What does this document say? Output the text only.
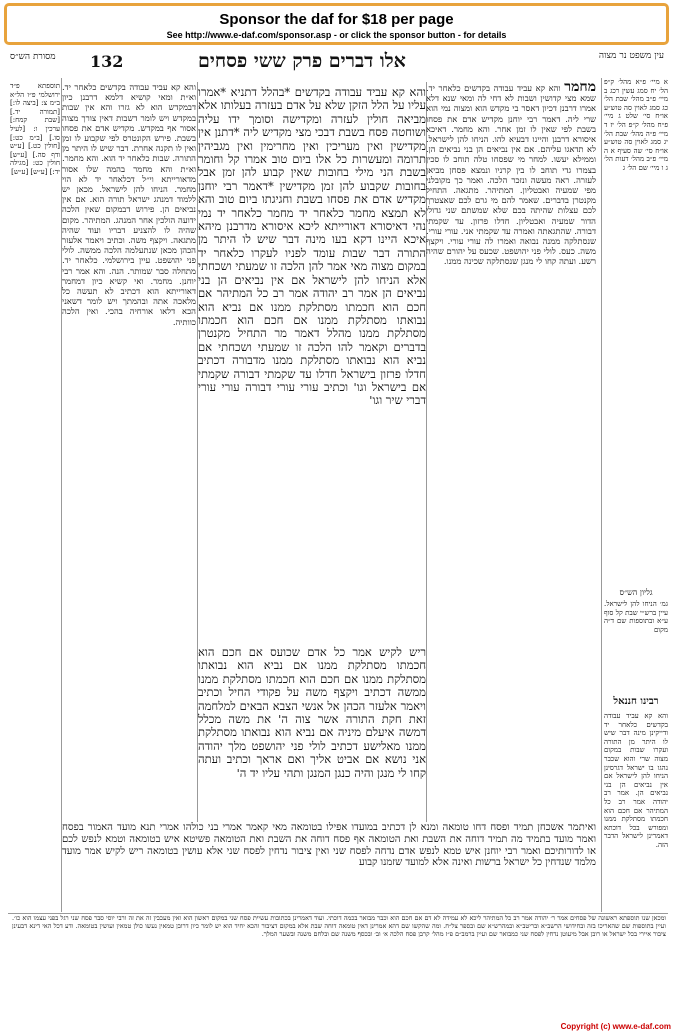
Sponsor the daf for $18 per page
See http://www.e-daf.com/sponsor.asp - or click the sponsor button - for details
מסורת הש״ס 132	אלו דברים פרק ששי פסחים	עין משפט נר מצוה
א מיי׳ פ״א מהל׳ ק״פ הל׳ יח סמג עשין רכג ב מיי׳ פ״ב מהל׳ שבת הל׳ כג סמג לאוין סה טוש״ע או״ח סי׳ שלט ג מיי׳ פ״ח מהל׳ ק״פ הל׳ יז ד מיי׳ פ״ה מהל׳ שבת הל׳ יג סמג לאוין סה טוש״ע או״ח סי׳ שה סעיף א ה מיי׳ פ״ב מהל׳ דעות הל׳ ג ו מיי׳ שם הל׳ ג
מחמר והא קא עביד עבודה בקדשים כלאחר יד. שמא מצי קדושין ושבות לא דחי לה ומאי שנא דלא אמרו דרבנן דכיון דאסר בי מקדש הוא ומצוה נמי הוא שרי ליה. דאמר רבי יוחנן מקדיש אדם את פסחו בשבת לפי שאין לו זמן אחר. והא מחמר. דאיכא איסורא דרבנן והיינו דבעיא להו. הניחו להן לישראל. לא תדאגו עליהם. אם אין נביאים הן בני נביאים הן. וממילא יעשו. למחר מי שפסחו טלה תוחב לו סכין בצמרו גדי תוחב לו בין קרניו ונמצא פסחן מביאן לעזרה. ראה מעשה ונזכר הלכה. ואמר כך מקובלני מפי שמעיה ואבטליון. המתיהר. מתגאה. התחיל מקנטרן בדברים. שאמר להם מי גרם לכם שאצטרך לכם עצלות שהיתה בכם שלא שמשתם שני גדולי הדור שמעיה ואבטליון. חדלו פרזון. עד שקמתי דבורה. שהתגאתה ואמרה עד שקמתי אני. עורי עורי. שנסתלקה ממנה נבואה ואמרו לה עורי עורי. ויקצף משה. כעס. לולי פני יהושפט. שכעס על יהורם שהיה רשע. ועתה קחו לי מנגן שנסתלקה שכינה ממנו.
והא קא עביד עבודה בקדשים *בהלל דתניא *אמרו עליו על הלל הזקן שלא על אדם בעזרה בעלותו אלא מביאה חולין לעזרה ומקדישה וסומך ידו עליה ושוחטה פסח בשבת דבכי מצי מקדיש ליה *דתנן אין מקדישין ואין מעריכין ואין מחרימין ואין מגביהין תרומה ומעשרות כל אלו ביום טוב אמרו קל וחומר בשבת הני מילי בחובות שאין קבוע להן זמן אבל בחובות שקבוע להן זמן מקדישין *דאמר רבי יוחנן מקדיש אדם את פסחו בשבת וחגיגתו ביום טוב והא לא תמצא מחמר כלאחר יד מחמר כלאחר יד נמי נהי דאיסורא דאורייתא ליכא איסורא מדרבנן מיהא איכא היינו דקא בעו מינה דבר שיש לו היתר מן התורה דבר שבות עומד לפניו לעקרו כלאחר יד במקום מצוה מאי אמר להן הלכה זו שמעתי ושכחתי אלא הניחו להן לישראל אם אין נביאים הן בני נביאים הן אמר רב יהודה אמר רב כל המתיהר אם חכם הוא חכמתו מסתלקת ממנו אם נביא הוא נבואתו מסתלקת ממנו אם חכם הוא חכמתו מסתלקת ממנו מהלל דאמר מר התחיל מקנטרן בדברים וקאמר להו הלכה זו שמעתי ושכחתי אם נביא הוא נבואתו מסתלקת ממנו מדבורה דכתיב חדלו פרזון בישראל חדלו עד שקמתי דבורה שקמתי אם בישראל וגו' וכתיב עורי עורי דבורה עורי עורי דברי שיר וגו'
ריש לקיש אמר כל אדם שכועס אם חכם הוא חכמתו מסתלקת ממנו אם נביא הוא נבואתו מסתלקת ממנו אם חכם הוא חכמתו מסתלקת ממנו ממשה דכתיב ויקצף משה על פקודי החיל וכתיב ויאמר אלעזר הכהן אל אנשי הצבא הבאים למלחמה זאת חקת התורה אשר צוה ה' את משה מכלל דמשה איעלם מיניה אם נביא הוא נבואתו מסתלקת ממנו מאלישע דכתיב לולי פני יהושפט מלך יהודה אני נושא אם אביט אליך ואם אראך וכתיב ועתה קחו לי מנגן והיה כנגן המנגן ותהי עליו יד ה'
והא קא עביד עבודה בקדשים כלאחר יד. וא״ת ומאי קושיא דלמא דרבנן כיון דבמקדש הוא לא גזרו והא אין שבות במקדש ויש לומר דשבות דאין צורך מצוה אסור אף במקדש. מקדיש אדם את פסחו בשבת. פירש הקונטרס לפי שקבוע לו זמן ואין לו תקנה אחרת. דבר שיש לו היתר מן התורה. שבות כלאחר יד הוא. והא מחמר. וא״ת והא מחמר בהמה שלו אסור מדאורייתא וי״ל דכלאחר יד לא הוי מחמר. הניחו להן לישראל. מכאן יש ללמוד דמנהג ישראל תורה הוא. אם אין נביאים הן. פירוש דבמקום שאין הלכה ידועה הולכין אחר המנהג. המתיהר. מקום שהיה לו להצניע דבריו ועוד שהיה מתגאה. ויקצף משה. וכתיב ויאמר אלעזר הכהן מכאן שנתעלמה הלכה ממשה. לולי פני יהושפט. עיין בירושלמי. כלאחר יד. מתחלה סבר שמותר. הנה. והא אמר רבי יוחנן. מחמר. ואי קשיא כיון דמחמר דאורייתא הוא דכתיב לא תעשה כל מלאכה אתה ובהמתך ויש לומר דשאני הכא דלאו אורחיה בהכי. ואין הלכה כוותיה.
תוספתא פ״ד ירושלמי פ״ו הל״א ב״מ צ: [ביצה לו:] [תמורה יד.] [שבת קמח:] ערכין ו: [לעיל סו.] [ב״מ כט:] [חולין כט.] [ע״ש ודף סה.] [ע״ש] חולין כט: [מגילה יד:] [ע״ש] [ע״ש]
גליון הש״ס
גמ׳ הניחו להן לישראל. עיין ברש״י שבת קל סוף ע״א ובתוספות שם ד״ה מקום
רבינו חננאל
והא קא עביד עבודה בקדשים כלאחר יד ודייקינן מינה דבר שיש לו היתר מן התורה ועקרו שבות במקום מצוה שרי והוא שכבר נהגו בו ישראל דגרסינן הניחו להן לישראל אם אין נביאים הן בני נביאים הן. אמר רב יהודה אמר רב כל המתיהר אם חכם הוא חכמתו מסתלקת ממנו ומפורש בכל דוכתא דאמרינן לישראל הדבר הזה.
ואיתמר אשכחן תמיד ופסח דחו טומאה ומנא לן דכתיב במועדו אפילו בטומאה מאי קאמר אמרי בני כולהו אמרי תנא מועד האמור בפסח ואמר מועד בתמיד מה תמיד דוחה את השבת ואת הטומאה אף פסח דוחה את השבת ואת הטומאה פשיטא איש בטומאה וטמא לנפש לכם או לדורותיכם ואמר רבי יוחנן איש טמא לנפש אדם נדחה לפסח שני ואין ציבור נדחין לפסח שני אלא עושין בטומאה ריש לקיש אמר מועד מלמד שנדחין כל ישראל ברשות ואינה אלא למועד שזמנו קבוע
ומכאן שנו תוספתא ראשונה של פסחים אמר ר׳ יהודה אמר רב כל המתיהר ליכא לא עמידה לא דם אם חכם הוא וכבר מבואר בכמה דוכתי. ועוד דאמרינן בכתובות עשיית פסח שני במקום ראשון הוא ואין מעכבין זה את זה ורבי יוסי סבר פסח שני רגל בפני עצמו הוא כו׳. ועיין בתוספות שם שהאריכו בזה ובחידושי הרשב״א ובריטב״א ובמהרש״א שם ובספר צל״ח. ומה שהקשו שם דהא אמרינן דאין טומאה דוחה שבת אלא במקום דציבור והכא יחיד הוא יש לומר כיון דרובן טמאין נעשו כולן טמאין ועושין בטומאה. ודע דכל האי דינא דבעינן ציבור איירי בכל ישראל או רובן אבל מיעוטן נדחין לפסח שני כמבואר שם ועיין ברמב״ם פ״ז מהל׳ קרבן פסח הלכה א׳ וב׳ ובכסף משנה שם ובלחם משנה ובשער המלך.
Copyright (c) www.e-daf.com
